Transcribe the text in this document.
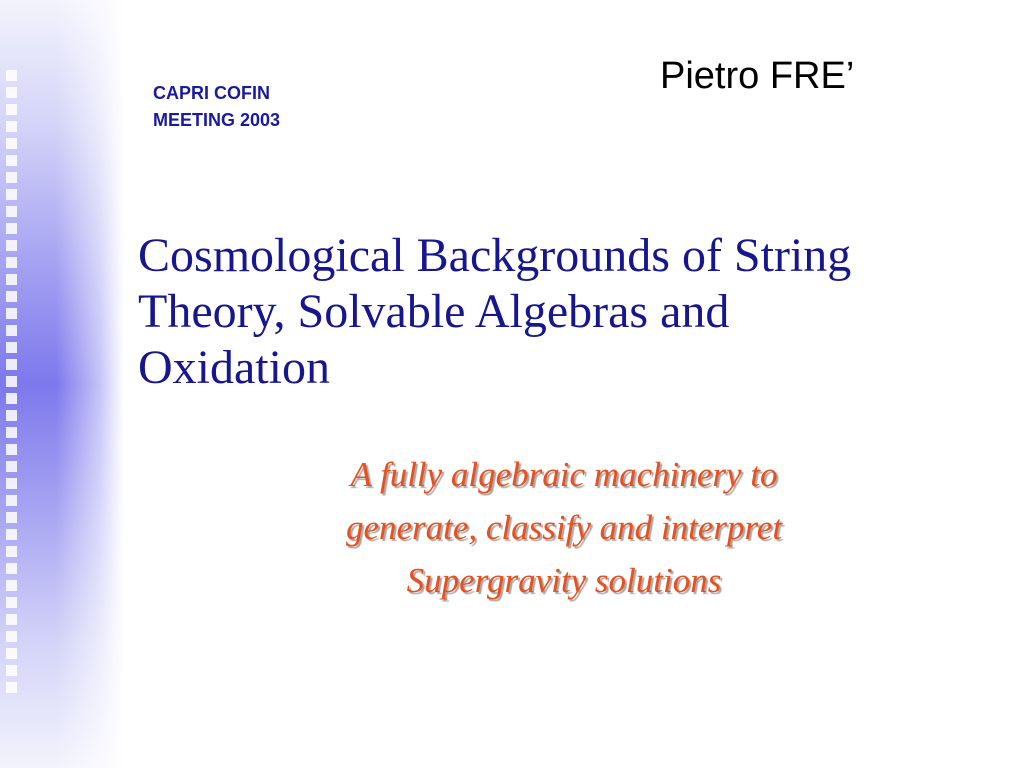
CAPRI COFIN
MEETING 2003

Pietro FRE’

Cosmological Backgrounds of String
Theory, Solvable Algebras and
Oxidation

A fully algebraic machinery to
generate, classify and interpret
Supergravity solutions
